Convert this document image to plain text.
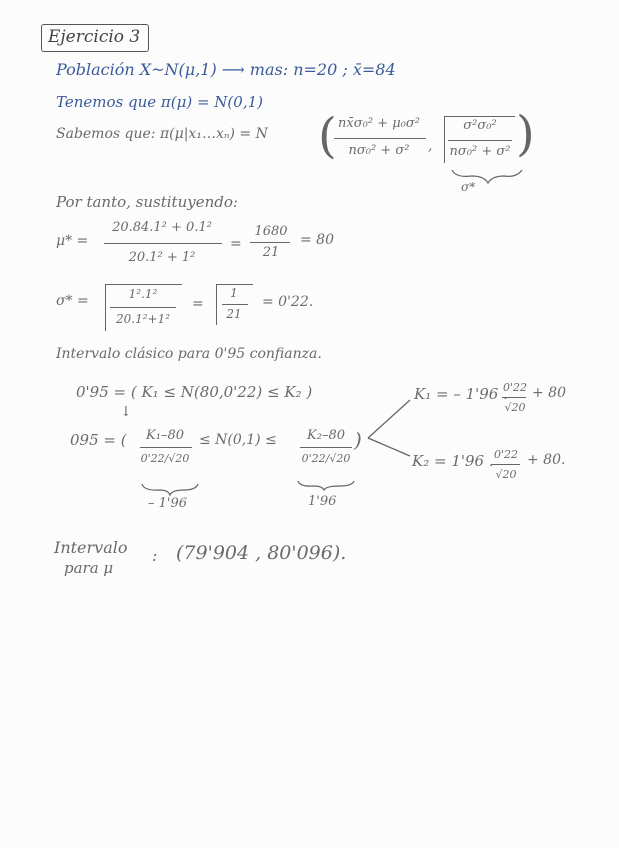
Ejercicio 3
Población X~N(μ,1) ⟶ mas: n=20 ; x̄=84
Tenemos que π(μ) = N(0,1)
Sabemos que: π(μ|x₁…xₙ) = N ( nx̄σ₀² + μ₀σ²
nσ₀² + σ²	,
σ²σ₀²
nσ₀² + σ² )
σ*
Por tanto, sustituyendo:
μ* =
20.84.1² + 0.1²
20.1² + 1²
=
1680
21
= 80
σ* =	1².1²
20.1²+1²
=
1
21
= 0'22.
Intervalo clásico para 0'95 confianza.
0'95 = ( K₁ ≤ N(80,0'22) ≤ K₂ )
↓
095 = (	K₁–80
0'22/√20
≤ N(0,1) ≤	K₂–80
0'22/√20
)
– 1'96	1'96
K₁ = – 1'96 .
0'22
√20
+ 80
K₂ = 1'96 . 0'22
√20
+ 80.
Intervalo
para μ
: (79'904 , 80'096).
